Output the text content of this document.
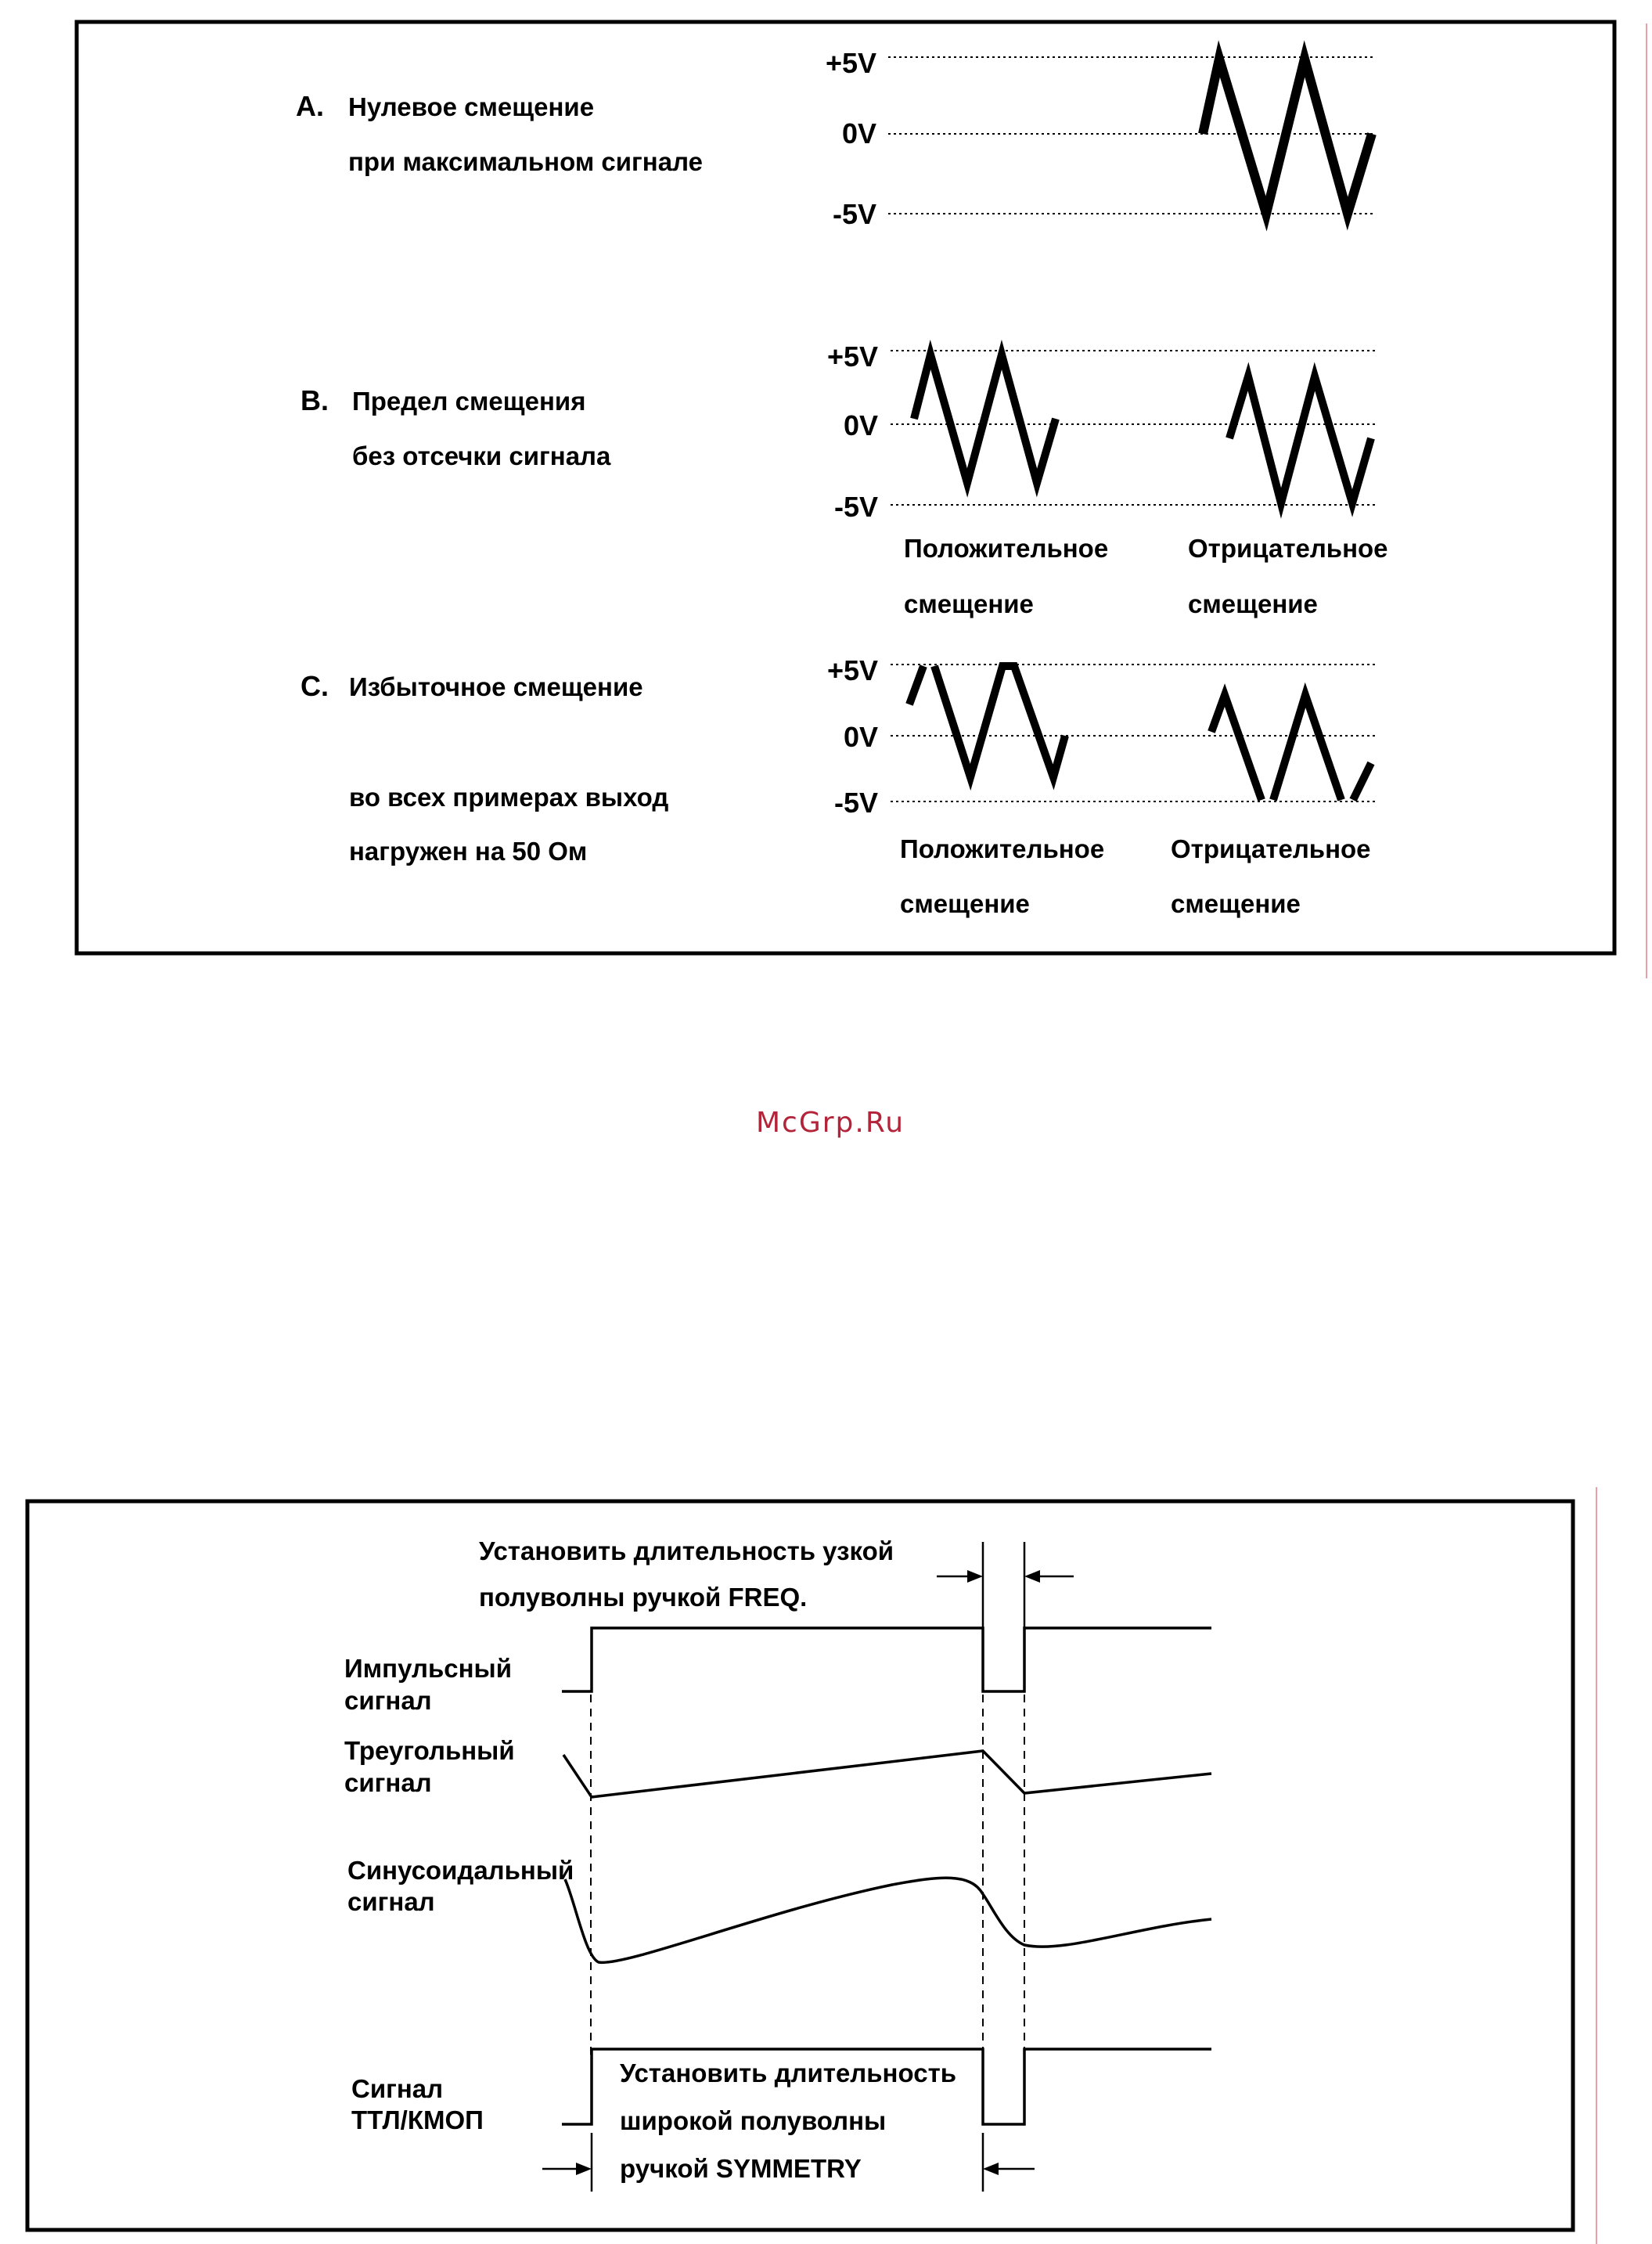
A. Нулевое смещение
при максимальном сигнале
+5V
0V
-5V
B. Предел смещения
без отсечки сигнала
+5V
0V
-5V
Положительное
смещение
Отрицательное
смещение
C. Избыточное смещение
+5V
0V
-5V
Положительное
смещение
Отрицательное
смещение
во всех примерах выход
нагружен на 50 Ом
McGrp.Ru
Установить длительность узкой
полуволны ручкой FREQ.
Импульсный
сигнал
Треугольный
сигнал
Синусоидальный
сигнал
Сигнал
ТТЛ/КМОП
Установить длительность
широкой полуволны
ручкой SYMMETRY
